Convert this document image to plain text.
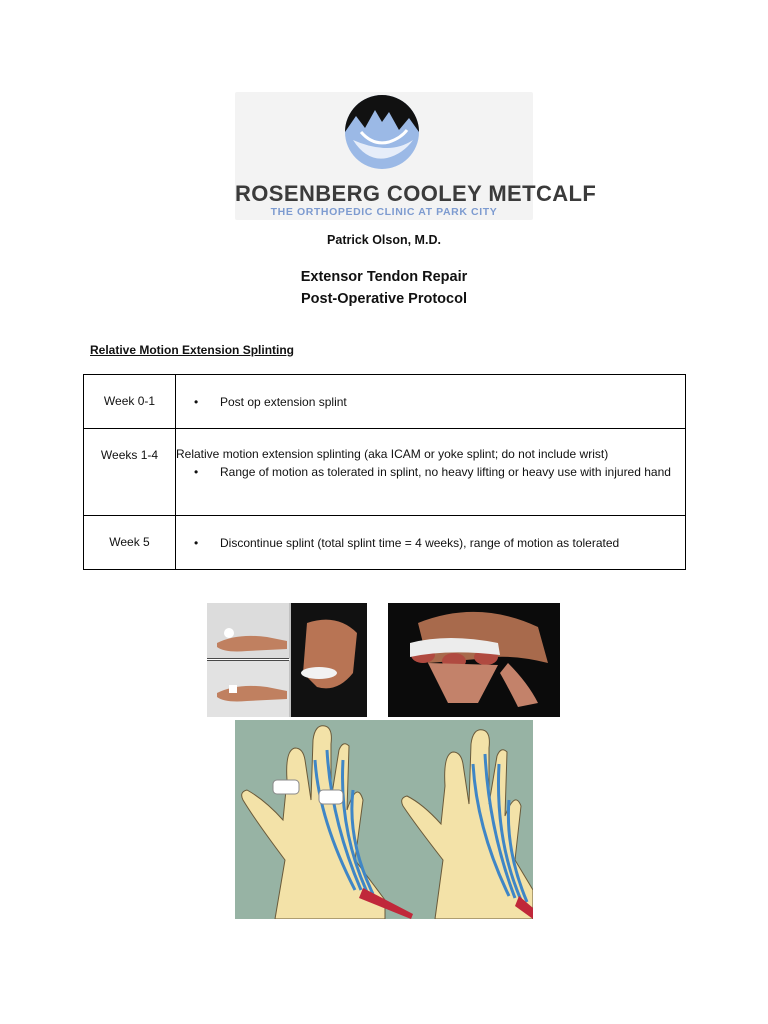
ROSENBERG COOLEY METCALF
THE ORTHOPEDIC CLINIC AT PARK CITY
Patrick Olson, M.D.
Extensor Tendon Repair
Post-Operative Protocol
Relative Motion Extension Splinting
Week 0-1	• Post op extension splint

Weeks 1-4	Relative motion extension splinting (aka ICAM or yoke splint; do not include wrist)
• Range of motion as tolerated in splint, no heavy lifting or heavy use with injured hand

Week 5	• Discontinue splint (total splint time = 4 weeks), range of motion as tolerated
